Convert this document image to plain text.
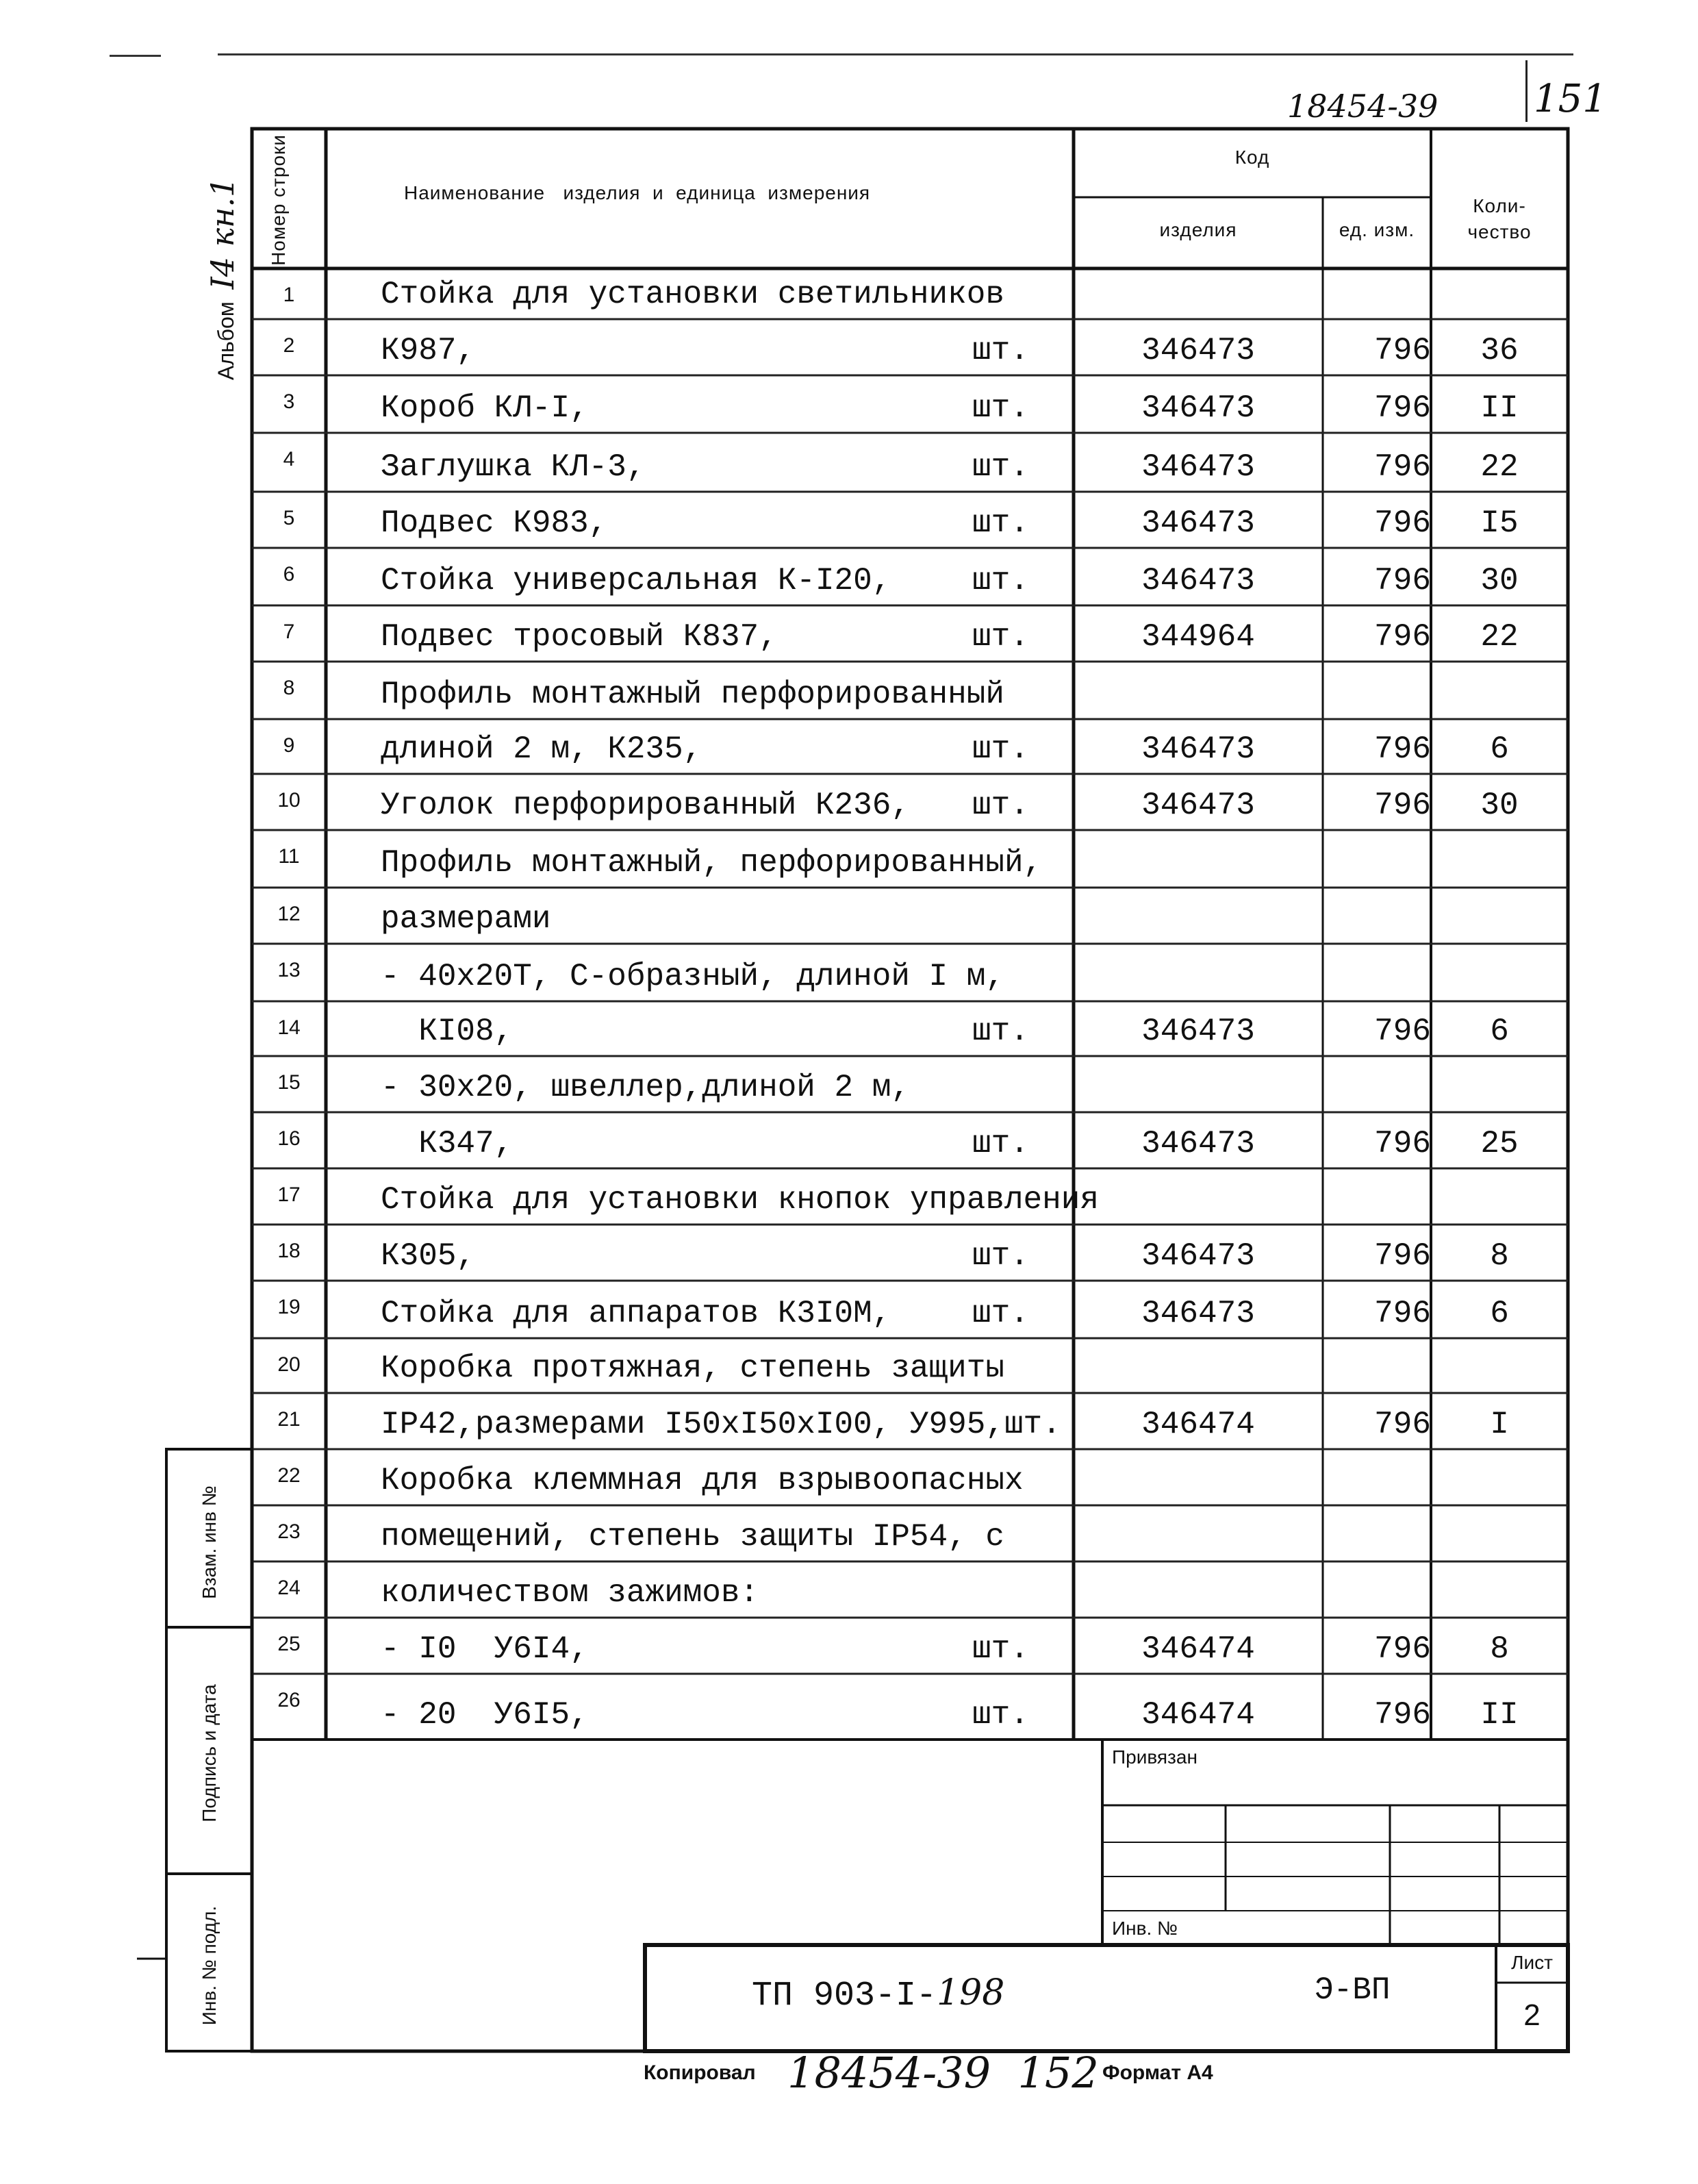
18454-39 151
Альбом  I4 кн.1 Номер строки	Наименование   изделия  и  единица  измерения
Код
изделия	ед. изм.
Коли-чество
1	Стойка для установки светильников
2	К987,	шт.	346473	796	36
3	Короб КЛ-I,	шт.	346473	796	II
4	Заглушка КЛ-3,	шт.	346473	796	22
5	Подвес К983,	шт.	346473	796	I5
6	Стойка универсальная К-I20,	шт.	346473	796	30
7	Подвес тросовый К837,	шт.	344964	796	22
8	Профиль монтажный перфорированный
9	длиной 2 м, К235,	шт.	346473	796	6
10	Уголок перфорированный К236, шт.	346473	796	30
11	Профиль монтажный, перфорированный,
12	размерами
13	- 40х20Т, С-образный, длиной I м,
14	КI08,	шт.	346473	796	6
15	- 30х20, швеллер,длиной 2 м,
16	К347,	шт.	346473	796	25
17	Стойка для установки кнопок управления
18	К305,	шт.	346473	796	8
19	Стойка для аппаратов К3I0М,	шт.	346473	796	6
20	Коробка протяжная, степень защиты
21	IP42,размерами I50хI50хI00, У995,шт.	346474	796	I
22	Коробка клеммная для взрывоопасных
23	помещений, степень защиты IP54, с
24	количеством зажимов:
25	- I0  У6I4,	шт.	346474	796	8
26	- 20  У6I5,	шт.	346474	796	II
Взам. инв №
Подпись и дата
Инв. № подл.
Привязан
Инв. №
ТП 903-I-198	Э-ВП
Лист
2
Копировал 18454-39  152 Формат А4
